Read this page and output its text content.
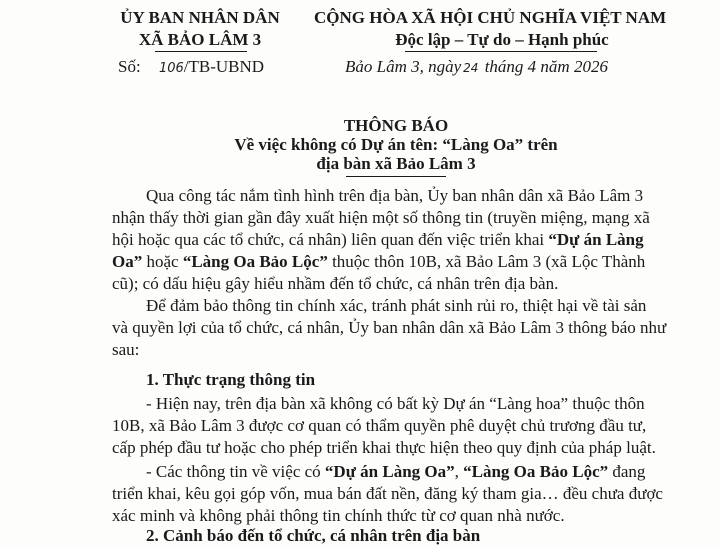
ỦY BAN NHÂN DÂN
XÃ BẢO LÂM 3
Số: 106/TB-UBND
CỘNG HÒA XÃ HỘI CHỦ NGHĨA VIỆT NAM
Độc lập – Tự do – Hạnh phúc
Bảo Lâm 3, ngày 24 tháng 4 năm 2026
THÔNG BÁO
Về việc không có Dự án tên: “Làng Oa” trên
địa bàn xã Bảo Lâm 3
Qua công tác nắm tình hình trên địa bàn, Ủy ban nhân dân xã Bảo Lâm 3
nhận thấy thời gian gần đây xuất hiện một số thông tin (truyền miệng, mạng xã
hội hoặc qua các tổ chức, cá nhân) liên quan đến việc triển khai “Dự án Làng
Oa” hoặc “Làng Oa Bảo Lộc” thuộc thôn 10B, xã Bảo Lâm 3 (xã Lộc Thành
cũ); có dấu hiệu gây hiểu nhầm đến tổ chức, cá nhân trên địa bàn.
Để đảm bảo thông tin chính xác, tránh phát sinh rủi ro, thiệt hại về tài sản
và quyền lợi của tổ chức, cá nhân, Ủy ban nhân dân xã Bảo Lâm 3 thông báo như
sau:
1. Thực trạng thông tin
- Hiện nay, trên địa bàn xã không có bất kỳ Dự án “Làng hoa” thuộc thôn
10B, xã Bảo Lâm 3 được cơ quan có thẩm quyền phê duyệt chủ trương đầu tư,
cấp phép đầu tư hoặc cho phép triển khai thực hiện theo quy định của pháp luật.
- Các thông tin về việc có “Dự án Làng Oa”, “Làng Oa Bảo Lộc” đang
triển khai, kêu gọi góp vốn, mua bán đất nền, đăng ký tham gia… đều chưa được
xác minh và không phải thông tin chính thức từ cơ quan nhà nước.
2. Cảnh báo đến tổ chức, cá nhân trên địa bàn
